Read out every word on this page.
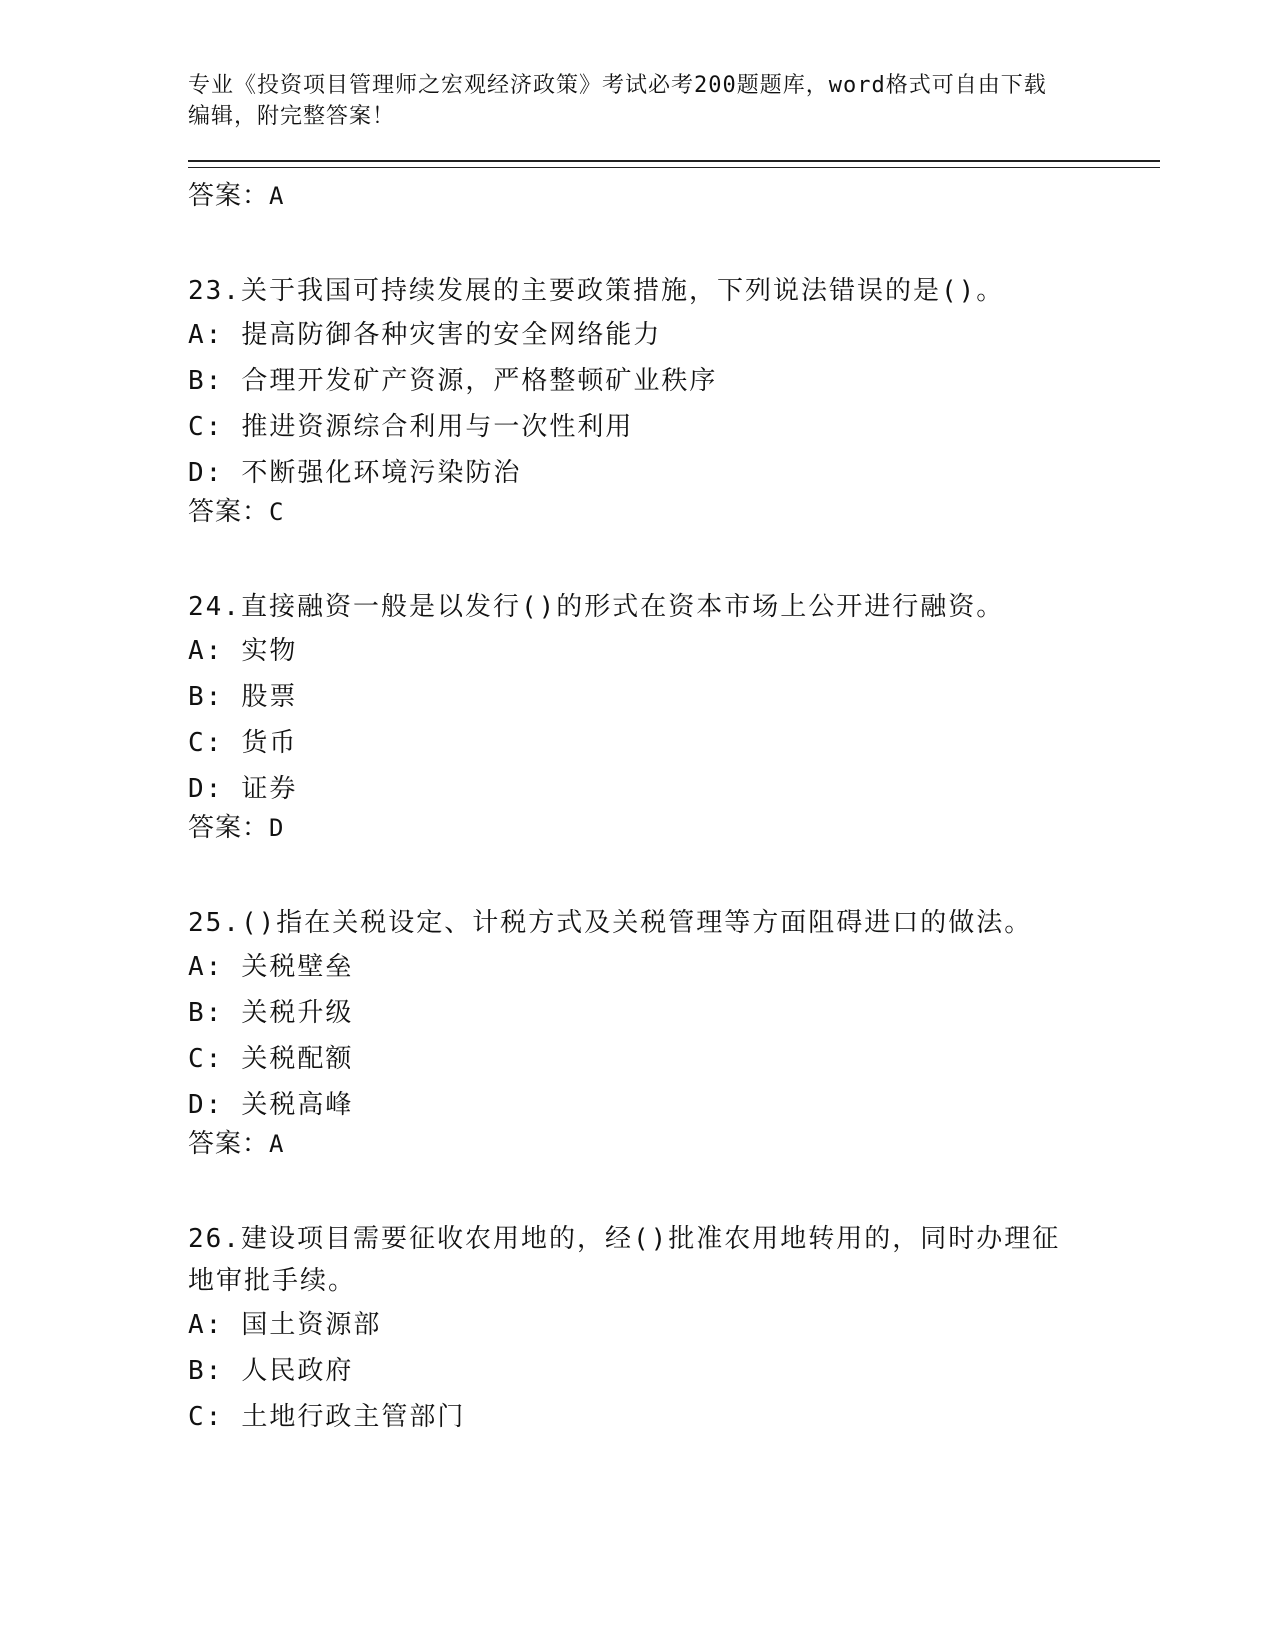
专业《投资项目管理师之宏观经济政策》考试必考200题题库，word格式可自由下载编辑，附完整答案！

答案：A

23.关于我国可持续发展的主要政策措施，下列说法错误的是()。

A: 提高防御各种灾害的安全网络能力

B: 合理开发矿产资源，严格整顿矿业秩序

C: 推进资源综合利用与一次性利用

D: 不断强化环境污染防治

答案：C

24.直接融资一般是以发行()的形式在资本市场上公开进行融资。

A: 实物

B: 股票

C: 货币

D: 证券

答案：D

25.()指在关税设定、计税方式及关税管理等方面阻碍进口的做法。

A: 关税壁垒

B: 关税升级

C: 关税配额

D: 关税高峰

答案：A

26.建设项目需要征收农用地的，经()批准农用地转用的，同时办理征地审批手续。

A: 国土资源部

B: 人民政府

C: 土地行政主管部门
